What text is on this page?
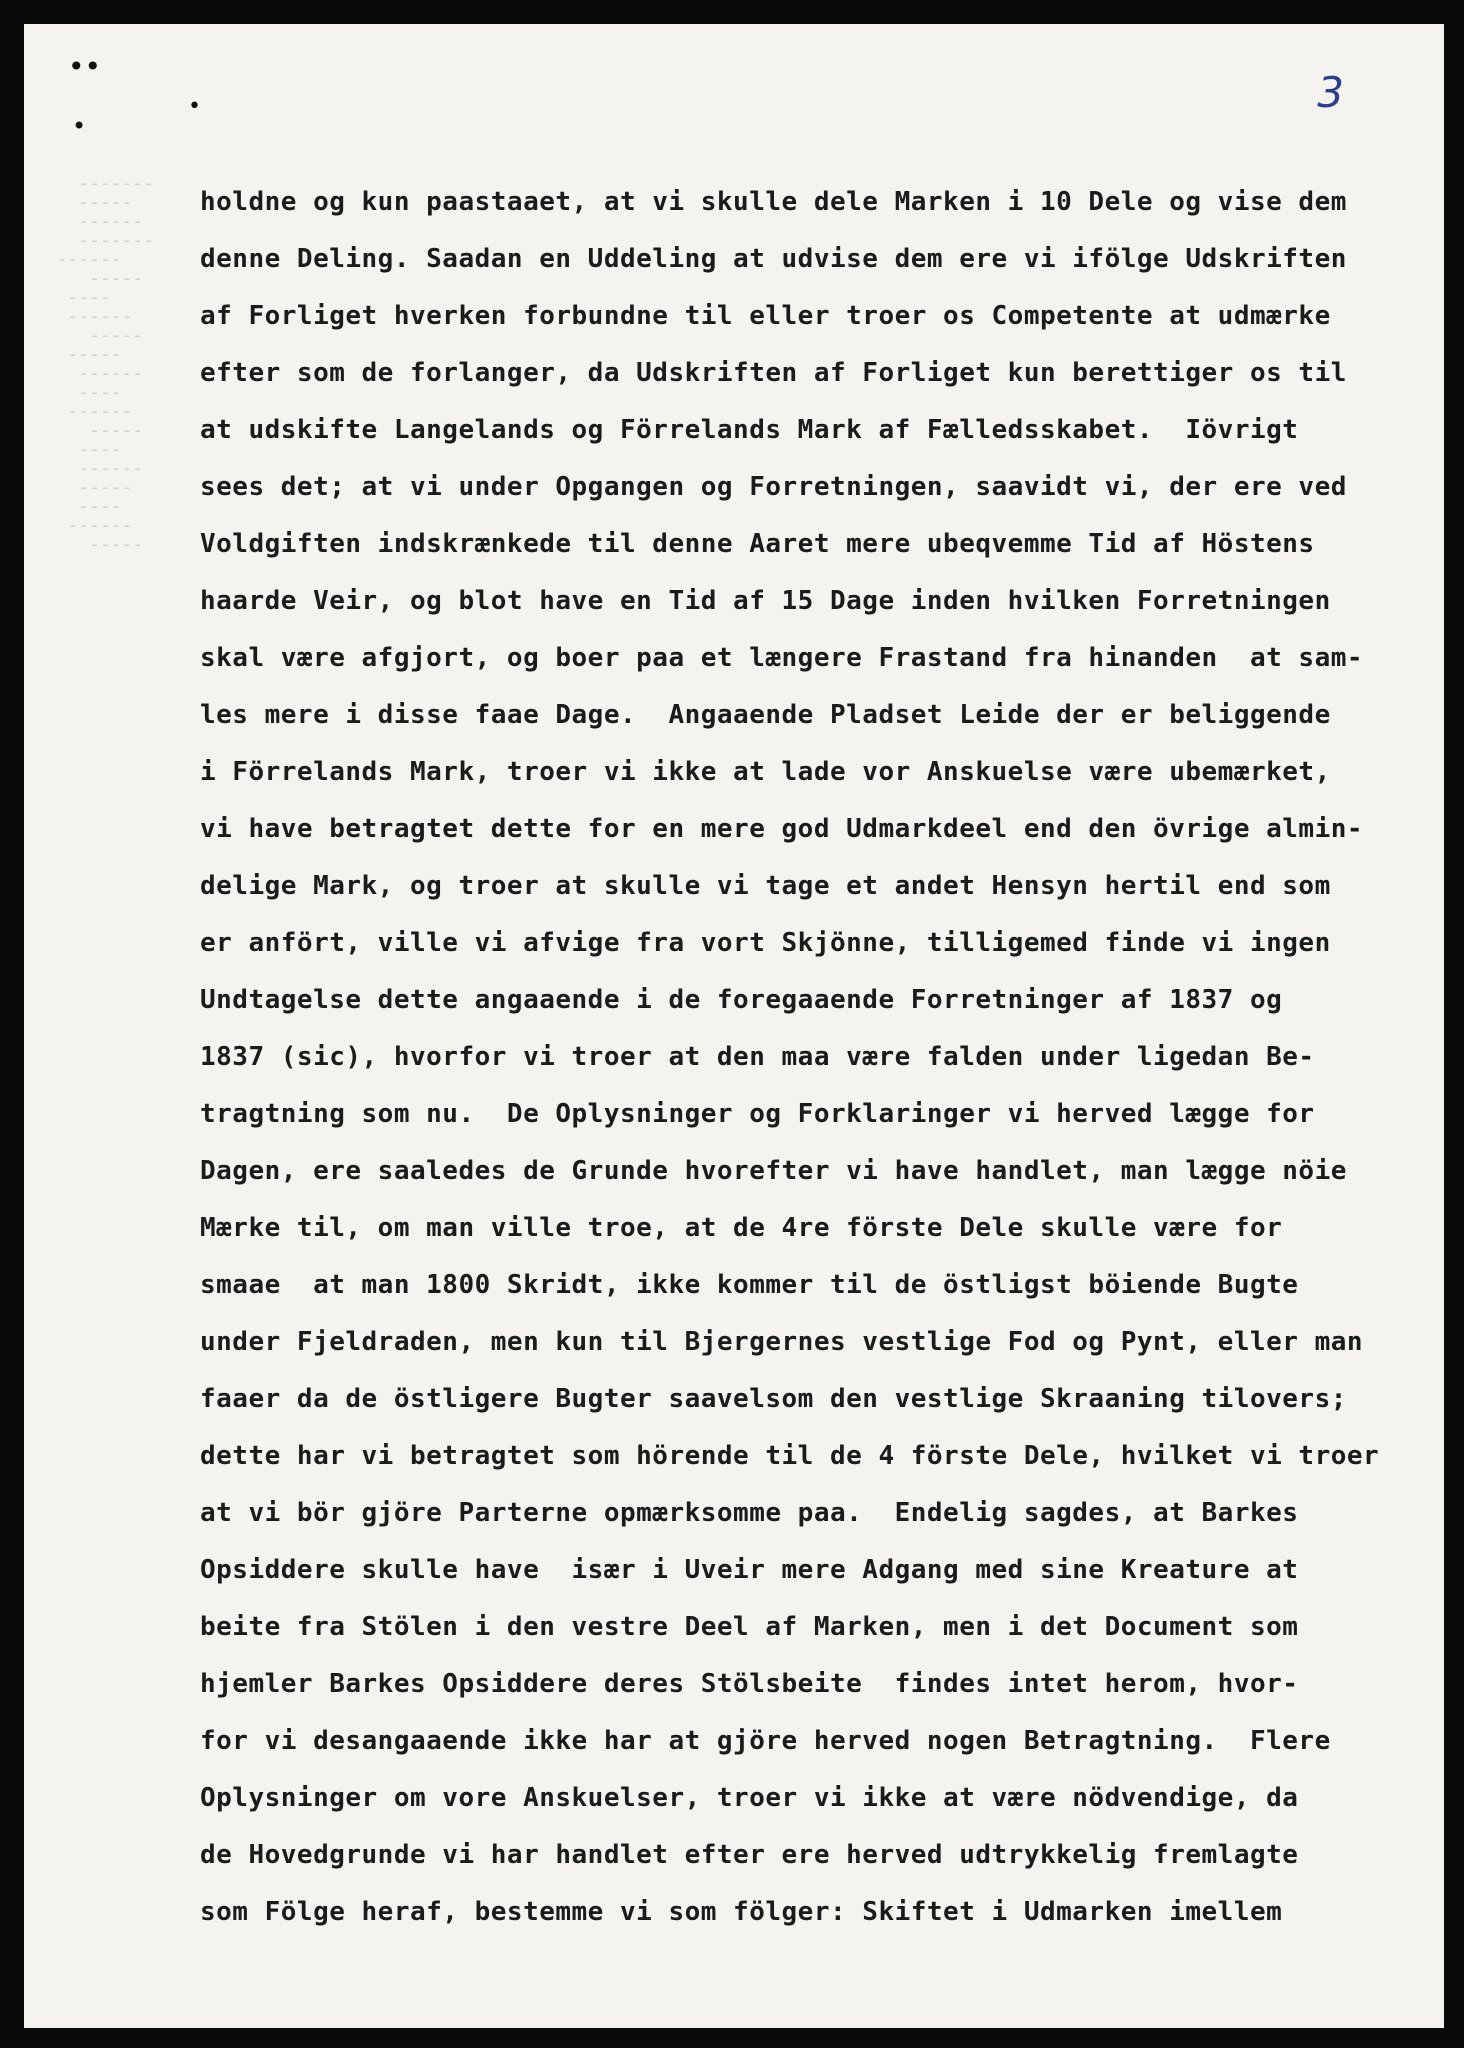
••
•
•
3
-------
-----
------
-------
------
-----
----
------
-----
-----
------
----
------
-----
----
------
-----
----
------
-----
holdne og kun paastaaet, at vi skulle dele Marken i 10 Dele og vise dem
denne Deling. Saadan en Uddeling at udvise dem ere vi ifölge Udskriften
af Forliget hverken forbundne til eller troer os Competente at udmærke
efter som de forlanger, da Udskriften af Forliget kun berettiger os til
at udskifte Langelands og Förrelands Mark af Fælledsskabet.  Iövrigt
sees det; at vi under Opgangen og Forretningen, saavidt vi, der ere ved
Voldgiften indskrænkede til denne Aaret mere ubeqvemme Tid af Höstens
haarde Veir, og blot have en Tid af 15 Dage inden hvilken Forretningen
skal være afgjort, og boer paa et længere Frastand fra hinanden  at sam-
les mere i disse faae Dage.  Angaaende Pladset Leide der er beliggende
i Förrelands Mark, troer vi ikke at lade vor Anskuelse være ubemærket,
vi have betragtet dette for en mere god Udmarkdeel end den övrige almin-
delige Mark, og troer at skulle vi tage et andet Hensyn hertil end som
er anfört, ville vi afvige fra vort Skjönne, tilligemed finde vi ingen
Undtagelse dette angaaende i de foregaaende Forretninger af 1837 og
1837 (sic), hvorfor vi troer at den maa være falden under ligedan Be-
tragtning som nu.  De Oplysninger og Forklaringer vi herved lægge for
Dagen, ere saaledes de Grunde hvorefter vi have handlet, man lægge nöie
Mærke til, om man ville troe, at de 4re förste Dele skulle være for
smaae  at man 1800 Skridt, ikke kommer til de östligst böiende Bugte
under Fjeldraden, men kun til Bjergernes vestlige Fod og Pynt, eller man
faaer da de östligere Bugter saavelsom den vestlige Skraaning tilovers;
dette har vi betragtet som hörende til de 4 förste Dele, hvilket vi troer
at vi bör gjöre Parterne opmærksomme paa.  Endelig sagdes, at Barkes
Opsiddere skulle have  især i Uveir mere Adgang med sine Kreature at
beite fra Stölen i den vestre Deel af Marken, men i det Document som
hjemler Barkes Opsiddere deres Stölsbeite  findes intet herom, hvor-
for vi desangaaende ikke har at gjöre herved nogen Betragtning.  Flere
Oplysninger om vore Anskuelser, troer vi ikke at være nödvendige, da
de Hovedgrunde vi har handlet efter ere herved udtrykkelig fremlagte
som Fölge heraf, bestemme vi som fölger: Skiftet i Udmarken imellem
